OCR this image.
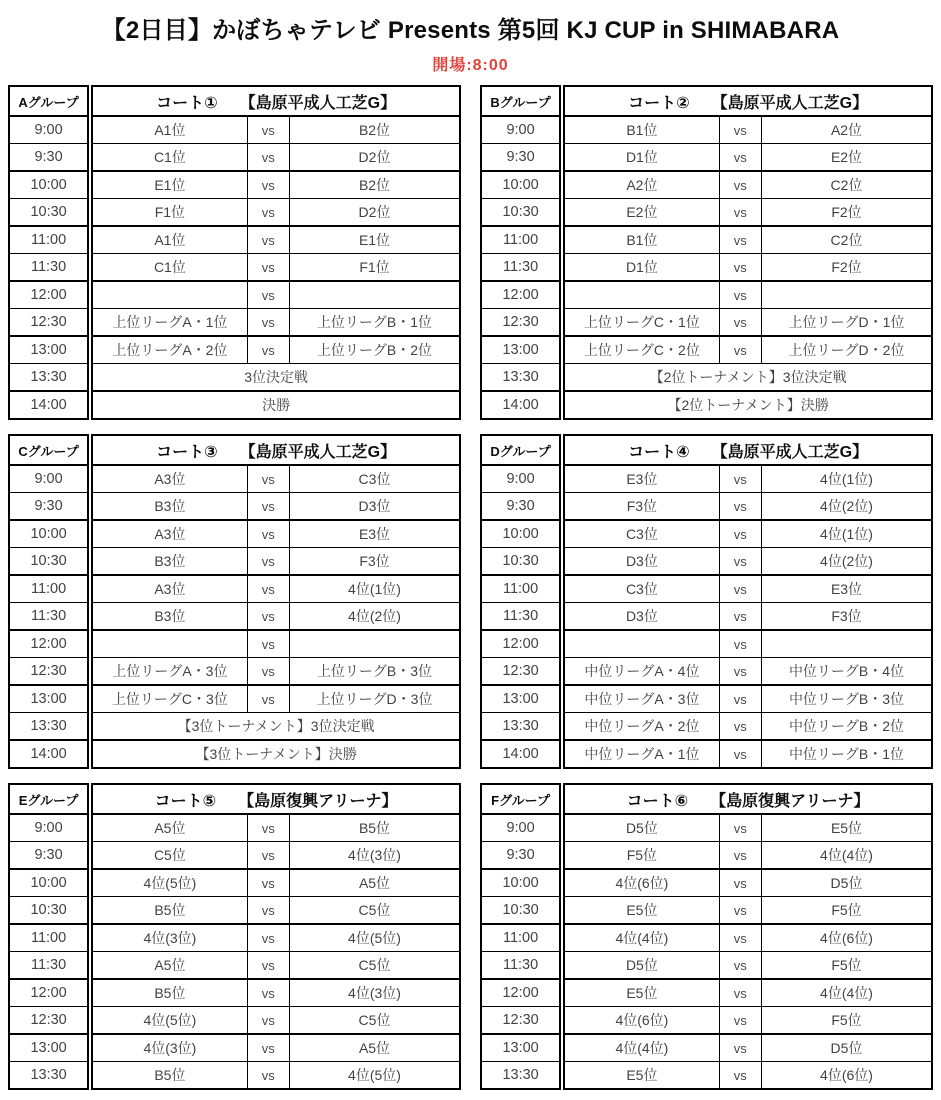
【2日目】かぼちゃテレビ Presents 第5回 KJ CUP in SHIMABARA
開場:8:00
Aグループ	コート① 【島原平成人工芝G】		
9:00	A1位	vs	B2位
9:30	C1位	vs	D2位
10:00	E1位	vs	B2位
10:30	F1位	vs	D2位
11:00	A1位	vs	E1位
11:30	C1位	vs	F1位
12:00		vs	
12:30	上位リーグA・1位	vs	上位リーグB・1位
13:00	上位リーグA・2位	vs	上位リーグB・2位
13:30	3位決定戦		
14:00	決勝		
Bグループ	コート② 【島原平成人工芝G】		
9:00	B1位	vs	A2位
9:30	D1位	vs	E2位
10:00	A2位	vs	C2位
10:30	E2位	vs	F2位
11:00	B1位	vs	C2位
11:30	D1位	vs	F2位
12:00		vs	
12:30	上位リーグC・1位	vs	上位リーグD・1位
13:00	上位リーグC・2位	vs	上位リーグD・2位
13:30	【2位トーナメント】3位決定戦		
14:00	【2位トーナメント】決勝		
Cグループ	コート③ 【島原平成人工芝G】		
9:00	A3位	vs	C3位
9:30	B3位	vs	D3位
10:00	A3位	vs	E3位
10:30	B3位	vs	F3位
11:00	A3位	vs	4位(1位)
11:30	B3位	vs	4位(2位)
12:00		vs	
12:30	上位リーグA・3位	vs	上位リーグB・3位
13:00	上位リーグC・3位	vs	上位リーグD・3位
13:30	【3位トーナメント】3位決定戦		
14:00	【3位トーナメント】決勝		
Dグループ	コート④ 【島原平成人工芝G】		
9:00	E3位	vs	4位(1位)
9:30	F3位	vs	4位(2位)
10:00	C3位	vs	4位(1位)
10:30	D3位	vs	4位(2位)
11:00	C3位	vs	E3位
11:30	D3位	vs	F3位
12:00		vs	
12:30	中位リーグA・4位	vs	中位リーグB・4位
13:00	中位リーグA・3位	vs	中位リーグB・3位
13:30	中位リーグA・2位	vs	中位リーグB・2位
14:00	中位リーグA・1位	vs	中位リーグB・1位
Eグループ	コート⑤ 【島原復興アリーナ】		
9:00	A5位	vs	B5位
9:30	C5位	vs	4位(3位)
10:00	4位(5位)	vs	A5位
10:30	B5位	vs	C5位
11:00	4位(3位)	vs	4位(5位)
11:30	A5位	vs	C5位
12:00	B5位	vs	4位(3位)
12:30	4位(5位)	vs	C5位
13:00	4位(3位)	vs	A5位
13:30	B5位	vs	4位(5位)
Fグループ	コート⑥ 【島原復興アリーナ】		
9:00	D5位	vs	E5位
9:30	F5位	vs	4位(4位)
10:00	4位(6位)	vs	D5位
10:30	E5位	vs	F5位
11:00	4位(4位)	vs	4位(6位)
11:30	D5位	vs	F5位
12:00	E5位	vs	4位(4位)
12:30	4位(6位)	vs	F5位
13:00	4位(4位)	vs	D5位
13:30	E5位	vs	4位(6位)
